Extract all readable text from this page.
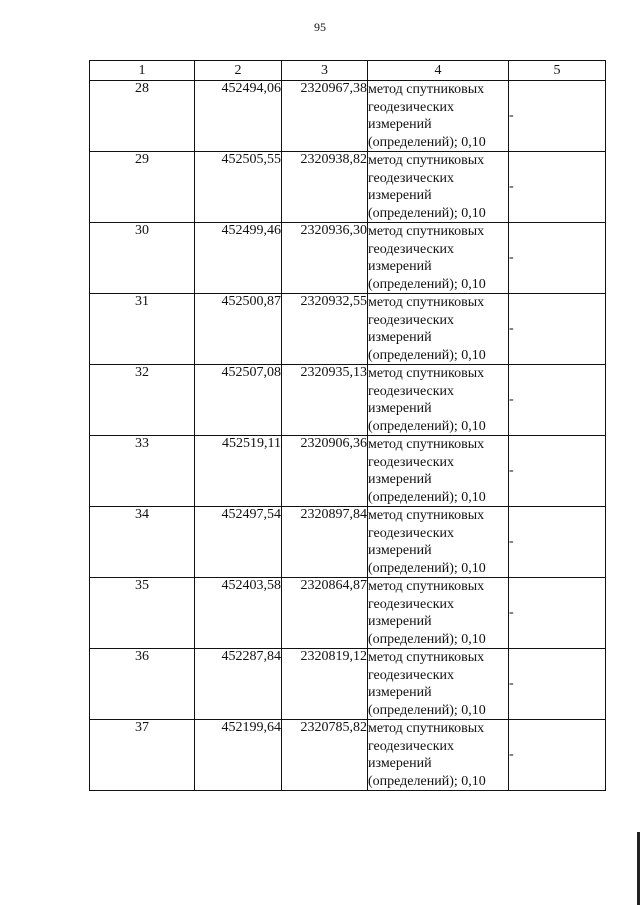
95
1	2	3	4	5
28	452494,06	2320967,38	метод спутниковых
геодезических
измерений
(определений); 0,10	-
29	452505,55	2320938,82	метод спутниковых
геодезических
измерений
(определений); 0,10	-
30	452499,46	2320936,30	метод спутниковых
геодезических
измерений
(определений); 0,10	-
31	452500,87	2320932,55	метод спутниковых
геодезических
измерений
(определений); 0,10	-
32	452507,08	2320935,13	метод спутниковых
геодезических
измерений
(определений); 0,10	-
33	452519,11	2320906,36	метод спутниковых
геодезических
измерений
(определений); 0,10	-
34	452497,54	2320897,84	метод спутниковых
геодезических
измерений
(определений); 0,10	-
35	452403,58	2320864,87	метод спутниковых
геодезических
измерений
(определений); 0,10	-
36	452287,84	2320819,12	метод спутниковых
геодезических
измерений
(определений); 0,10	-
37	452199,64	2320785,82	метод спутниковых
геодезических
измерений
(определений); 0,10	-
